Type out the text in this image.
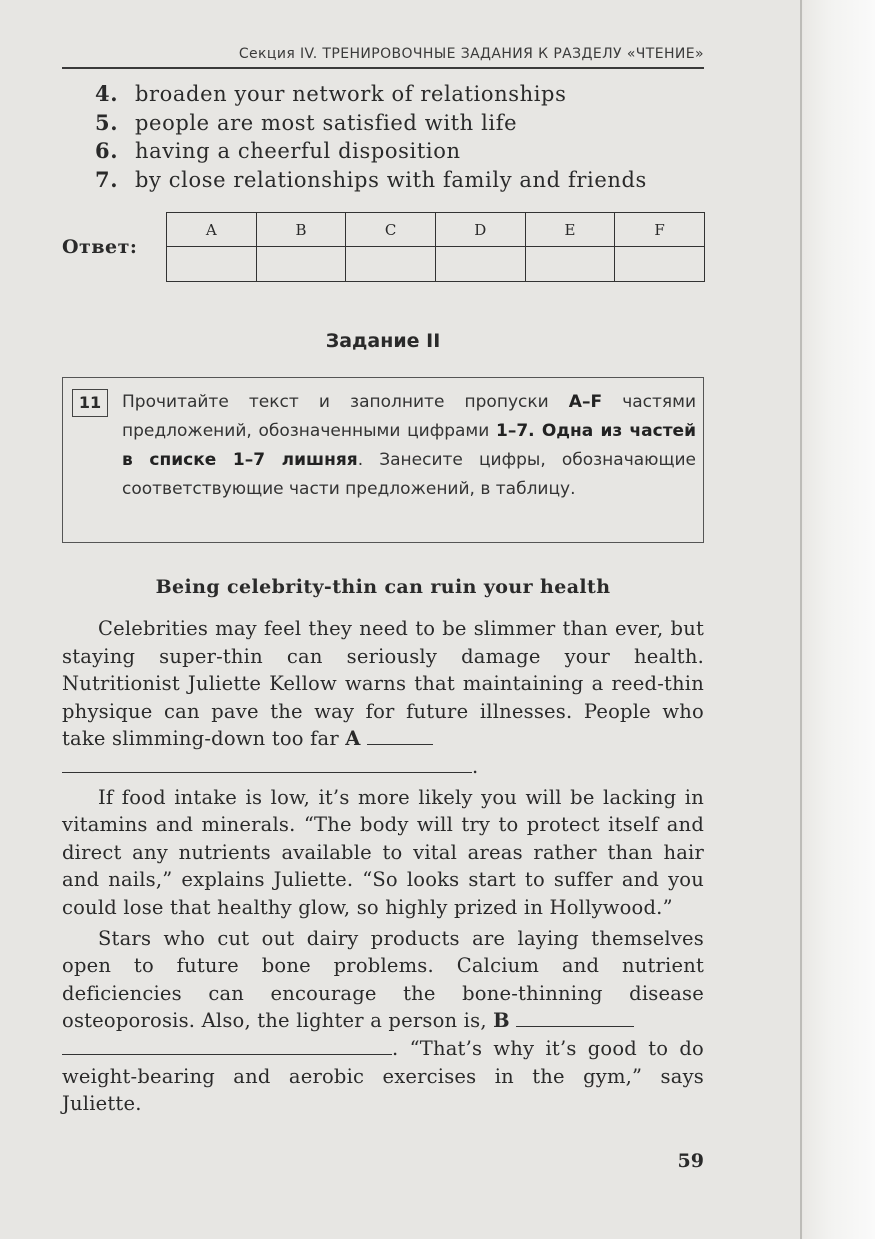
Секция IV. ТРЕНИРОВОЧНЫЕ ЗАДАНИЯ К РАЗДЕЛУ «ЧТЕНИЕ»
4. broaden your network of relationships
5. people are most satisfied with life
6. having a cheerful disposition
7. by close relationships with family and friends
Ответ:
A	B	C	D	E	F

Задание II
11	Прочитайте текст и заполните пропуски A–F частями предложений, обозначенными цифрами 1–7. Одна из частей в списке 1–7 лишняя. Занесите цифры, обозначающие соответствующие части предложений, в таблицу.
Being celebrity-thin can ruin your health

Celebrities may feel they need to be slimmer than ever, but staying super-thin can seriously damage your health. Nutritionist Juliette Kellow warns that maintaining a reed-thin physique can pave the way for future illnesses. People who take slimming-down too far A
.

If food intake is low, it’s more likely you will be lacking in vitamins and minerals. “The body will try to protect itself and direct any nutrients available to vital areas rather than hair and nails,” explains Juliette. “So looks start to suffer and you could lose that healthy glow, so highly prized in Hollywood.”

Stars who cut out dairy products are laying themselves open to future bone problems. Calcium and nutrient deficiencies can encourage the bone-thinning disease osteoporosis. Also, the lighter a person is, B
. “That’s why it’s good to do weight-bearing and aerobic exercises in the gym,” says Juliette.

59
